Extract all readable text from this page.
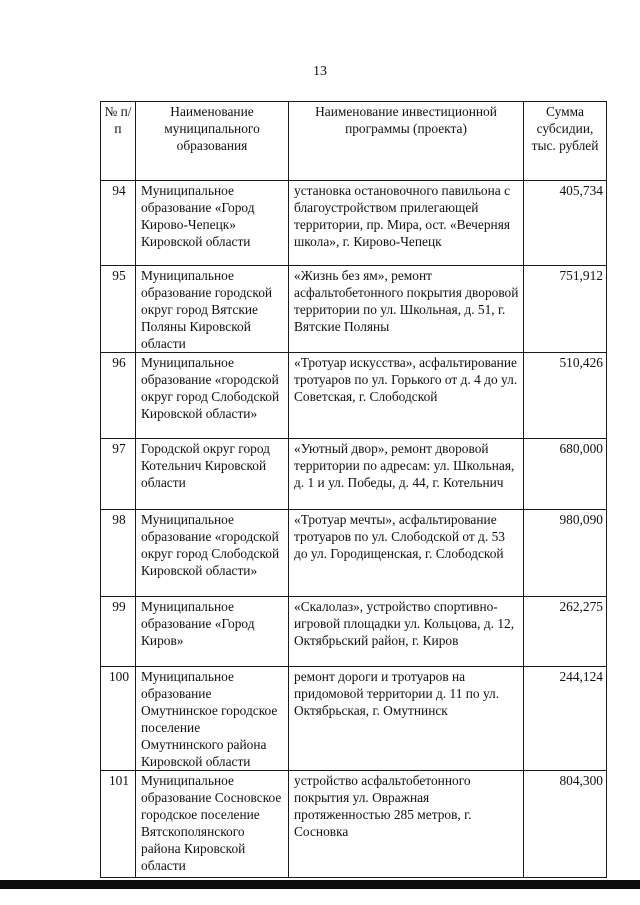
13
№ п/п	Наименование муниципального образования	Наименование инвестиционной программы (проекта)	Сумма субсидии, тыс. рублей
94	Муниципальное образование «Город Кирово-Чепецк» Кировской области	установка остановочного павильона с благоустройством прилегающей территории, пр. Мира, ост. «Вечерняя школа», г. Кирово-Чепецк	405,734
95	Муниципальное образование городской округ город Вятские Поляны Кировской области	«Жизнь без ям», ремонт асфальтобетонного покрытия дворовой территории по ул. Школьная, д. 51, г. Вятские Поляны	751,912
96	Муниципальное образование «городской округ город Слободской Кировской области»	«Тротуар искусства», асфальтирование тротуаров по ул. Горького от д. 4 до ул. Советская, г. Слободской	510,426
97	Городской округ город Котельнич Кировской области	«Уютный двор», ремонт дворовой территории по адресам: ул. Школьная, д. 1 и ул. Победы, д. 44, г. Котельнич	680,000
98	Муниципальное образование «городской округ город Слободской Кировской области»	«Тротуар мечты», асфальтирование тротуаров по ул. Слободской от д. 53 до ул. Городищенская, г. Слободской	980,090
99	Муниципальное образование «Город Киров»	«Скалолаз», устройство спортивно-игровой площадки ул. Кольцова, д. 12, Октябрьский район, г. Киров	262,275
100	Муниципальное образование Омутнинское городское поселение Омутнинского района Кировской области	ремонт дороги и тротуаров на придомовой территории д. 11 по ул. Октябрьская, г. Омутнинск	244,124
101	Муниципальное образование Сосновское городское поселение Вятскополянского района Кировской области	устройство асфальтобетонного покрытия ул. Овражная протяженностью 285 метров, г. Сосновка	804,300
